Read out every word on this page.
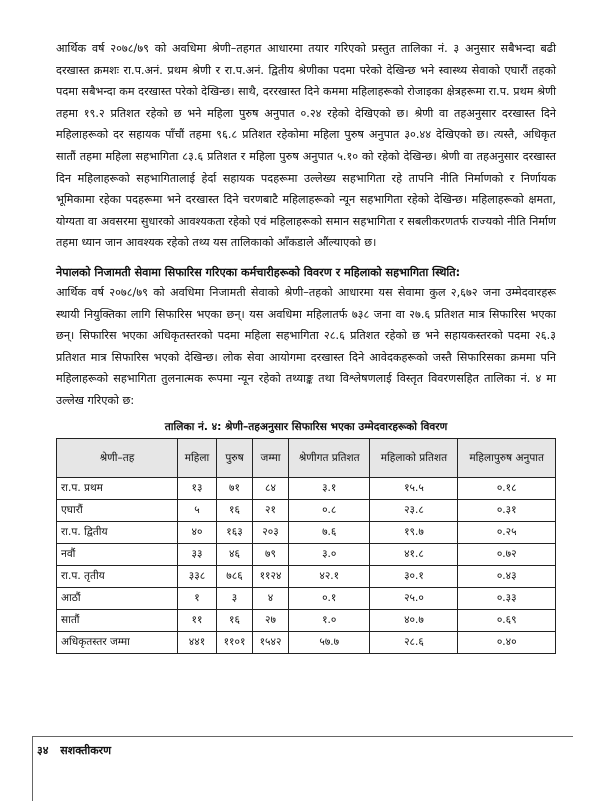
आर्थिक वर्ष २०७८/७९ को अवधिमा श्रेणी–तहगत आधारमा तयार गरिएको प्रस्तुत तालिका नं. ३ अनुसार सबैभन्दा बढी दरखास्त क्रमशः रा.प.अनं. प्रथम श्रेणी र रा.प.अनं. द्वितीय श्रेणीका पदमा परेको देखिन्छ भने स्वास्थ्य सेवाको एघारौं तहको पदमा सबैभन्दा कम दरखास्त परेको देखिन्छ। साथै, दररखास्त दिने कममा महिलाहरूको रोजाइका क्षेत्रहरूमा रा.प. प्रथम श्रेणी तहमा १९.२ प्रतिशत रहेको छ भने महिला पुरुष अनुपात ०.२४ रहेको देखिएको छ। श्रेणी वा तहअनुसार दरखास्त दिने महिलाहरूको दर सहायक पाँचौं तहमा ९६.८ प्रतिशत रहेकोमा महिला पुरुष अनुपात ३०.४४ देखिएको छ। त्यस्तै, अधिकृत सातौं तहमा महिला सहभागिता ८३.६ प्रतिशत र महिला पुरुष अनुपात ५.१० को रहेको देखिन्छ। श्रेणी वा तहअनुसार दरखास्त दिन महिलाहरूको सहभागितालाई हेर्दा सहायक पदहरूमा उल्लेख्य सहभागिता रहे तापनि नीति निर्माणको र निर्णायक भूमिकामा रहेका पदहरूमा भने दरखास्त दिने चरणबाटै महिलाहरूको न्यून सहभागिता रहेको देखिन्छ। महिलाहरूको क्षमता, योग्यता वा अवसरमा सुधारको आवश्यकता रहेको एवं महिलाहरूको समान सहभागिता र सबलीकरणतर्फ राज्यको नीति निर्माण तहमा ध्यान जान आवश्यक रहेको तथ्य यस तालिकाको आँकडाले औंल्याएको छ।

नेपालको निजामती सेवामा सिफारिस गरिएका कर्मचारीहरूको विवरण र महिलाको सहभागिता स्थिति:

आर्थिक वर्ष २०७८/७९ को अवधिमा निजामती सेवाको श्रेणी–तहको आधारमा यस सेवामा कुल २,६७२ जना उम्मेदवारहरू स्थायी नियुक्तिका लागि सिफारिस भएका छन्। यस अवधिमा महिलातर्फ ७३८ जना वा २७.६ प्रतिशत मात्र सिफारिस भएका छन्। सिफारिस भएका अधिकृतस्तरको पदमा महिला सहभागिता २८.६ प्रतिशत रहेको छ भने सहायकस्तरको पदमा २६.३ प्रतिशत मात्र सिफारिस भएको देखिन्छ। लोक सेवा आयोगमा दरखास्त दिने आवेदकहरूको जस्तै सिफारिसका क्रममा पनि महिलाहरूको सहभागिता तुलनात्मक रूपमा न्यून रहेको तथ्याङ्क तथा विश्लेषणलाई विस्तृत विवरणसहित तालिका नं. ४ मा उल्लेख गरिएको छ:

तालिका नं. ४: श्रेणी–तहअनुसार सिफारिस भएका उम्मेदवारहरूको विवरण
श्रेणी–तह	महिला	पुरुष	जम्मा	श्रेणीगत प्रतिशत	महिलाको प्रतिशत	महिलापुरुष अनुपात
रा.प. प्रथम	१३	७१	८४	३.१	१५.५	०.१८
एघारौं	५	१६	२१	०.८	२३.८	०.३१
रा.प. द्वितीय	४०	१६३	२०३	७.६	१९.७	०.२५
नवौं	३३	४६	७९	३.०	४१.८	०.७२
रा.प. तृतीय	३३८	७८६	११२४	४२.१	३०.१	०.४३
आठौं	१	३	४	०.१	२५.०	०.३३
सातौं	११	१६	२७	१.०	४०.७	०.६९
अधिकृतस्तर जम्मा	४४१	११०१	१५४२	५७.७	२८.६	०.४०
३४ सशक्तीकरण
